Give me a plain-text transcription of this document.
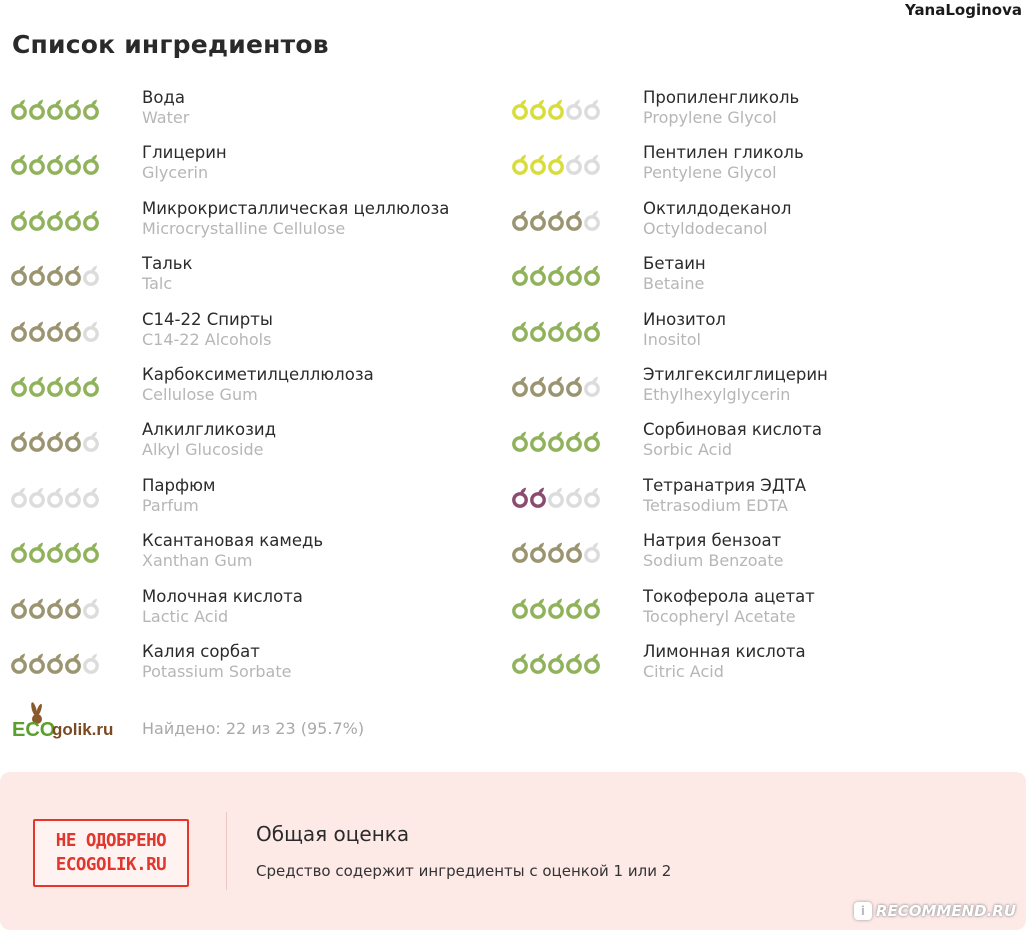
YanaLoginova
Список ингредиентов
Вода
Water
Глицерин
Glycerin
Микрокристаллическая целлюлоза
Microcrystalline Cellulose
Тальк
Talc
C14-22 Спирты
C14-22 Alcohols
Карбоксиметилцеллюлоза
Cellulose Gum
Алкилгликозид
Alkyl Glucoside
Парфюм
Parfum
Ксантановая камедь
Xanthan Gum
Молочная кислота
Lactic Acid
Калия сорбат
Potassium Sorbate
Пропиленгликоль
Propylene Glycol
Пентилен гликоль
Pentylene Glycol
Октилдодеканол
Octyldodecanol
Бетаин
Betaine
Инозитол
Inositol
Этилгексилглицерин
Ethylhexylglycerin
Сорбиновая кислота
Sorbic Acid
Тетранатрия ЭДТА
Tetrasodium EDTA
Натрия бензоат
Sodium Benzoate
Токоферола ацетат
Tocopheryl Acetate
Лимонная кислота
Citric Acid
ECO
golik.ru Найдено: 22 из 23 (95.7%)
НЕ ОДОБРЕНО
ECOGOLIK.RU
Общая оценка
Средство содержит ингредиенты с оценкой 1 или 2
i RECOMMEND.RU
